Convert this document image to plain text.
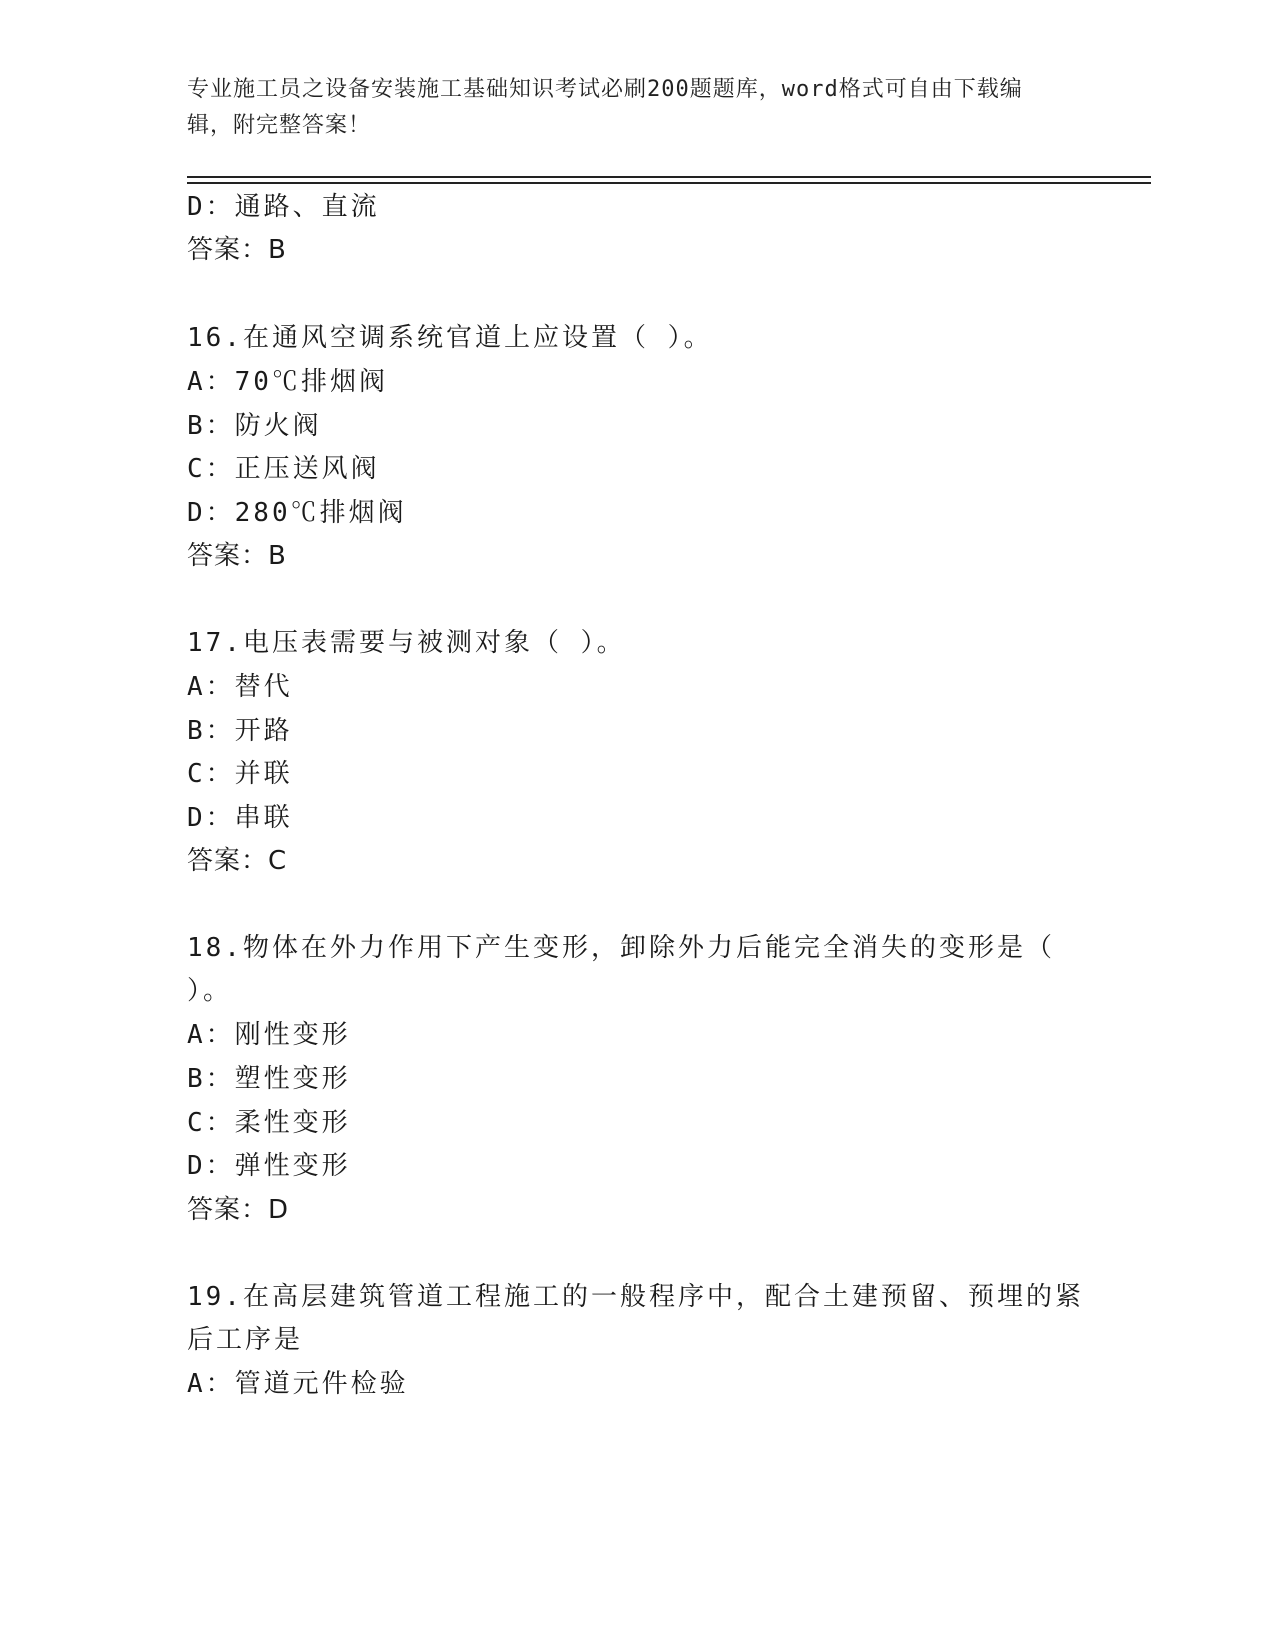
专业施工员之设备安装施工基础知识考试必刷200题题库，word格式可自由下载编辑，附完整答案！
D：通路、直流
答案：B
16.在通风空调系统官道上应设置（ ）。
A：70℃排烟阀
B：防火阀
C：正压送风阀
D：280℃排烟阀
答案：B
17.电压表需要与被测对象（ ）。
A：替代
B：开路
C：并联
D：串联
答案：C
18.物体在外力作用下产生变形，卸除外力后能完全消失的变形是（
）。
A：刚性变形
B：塑性变形
C：柔性变形
D：弹性变形
答案：D
19.在高层建筑管道工程施工的一般程序中，配合土建预留、预埋的紧
后工序是
A：管道元件检验
